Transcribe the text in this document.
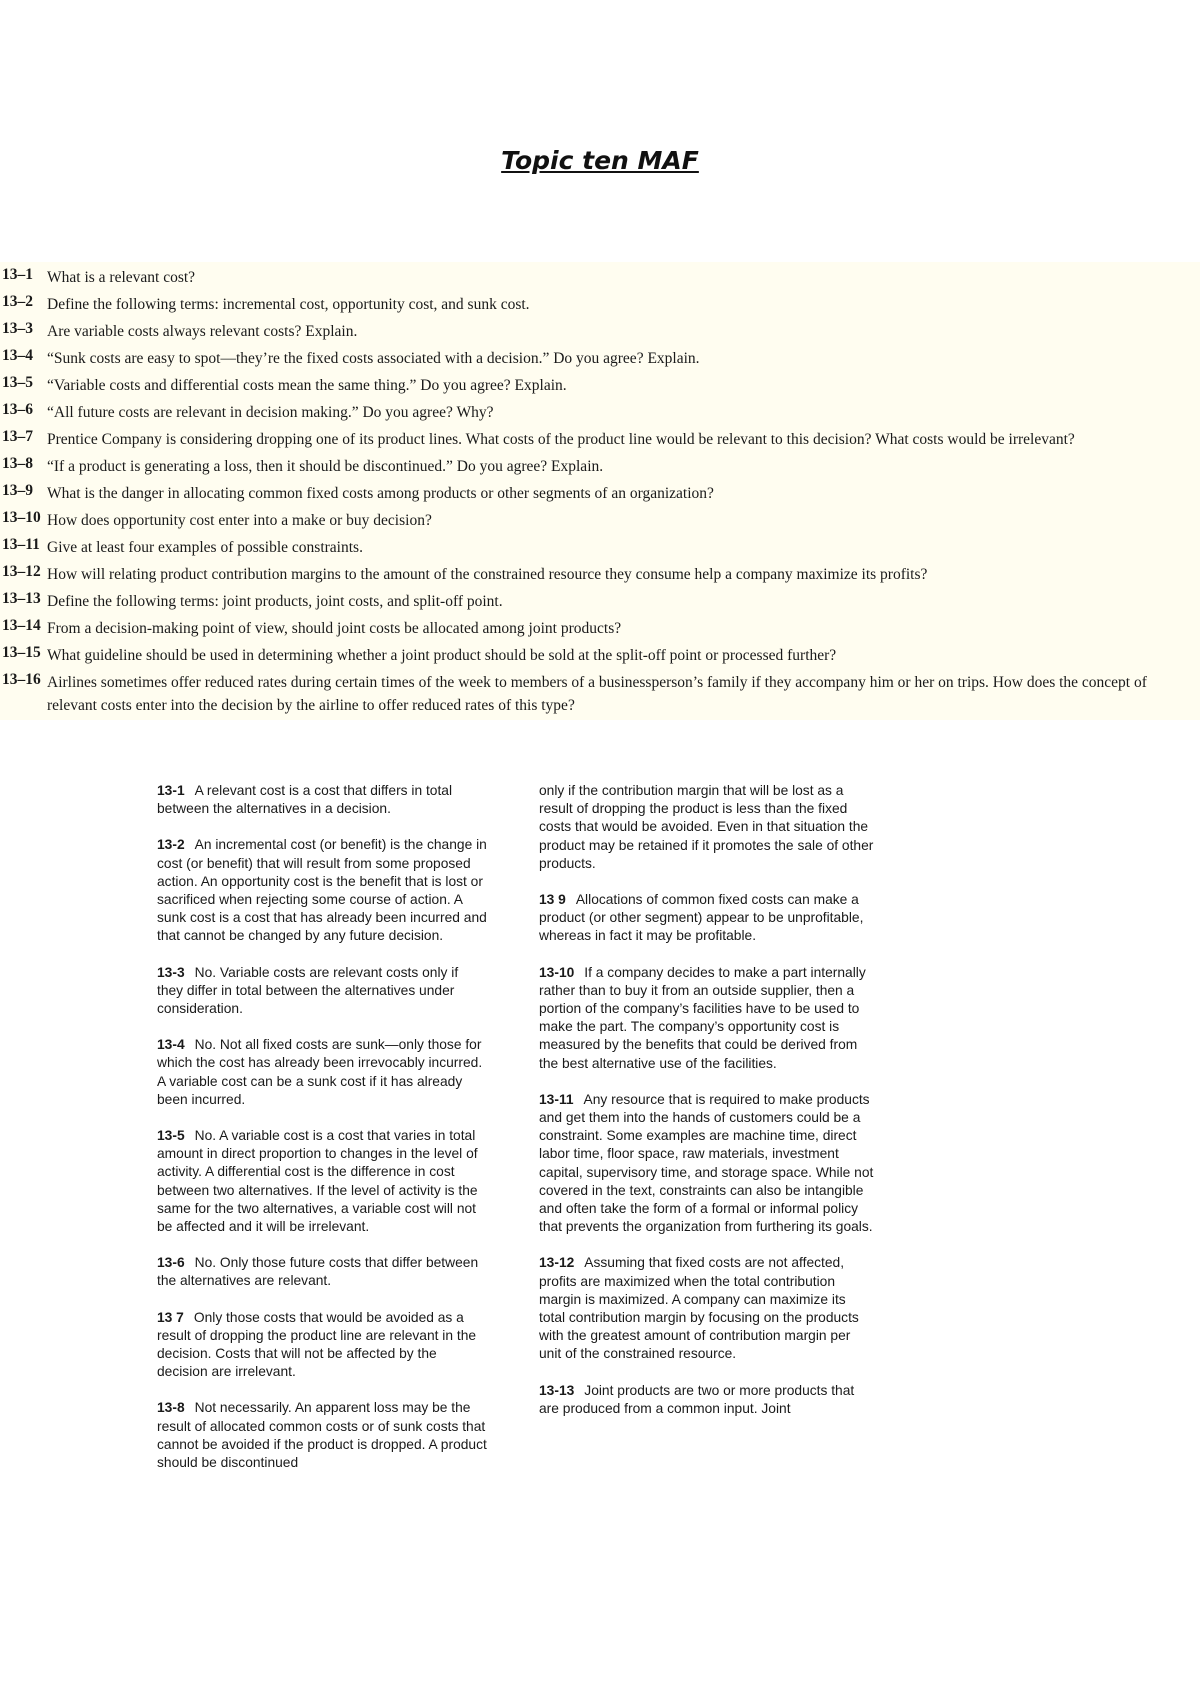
Topic ten MAF
13–1 What is a relevant cost?
13–2 Define the following terms: incremental cost, opportunity cost, and sunk cost.
13–3 Are variable costs always relevant costs? Explain.
13–4 “Sunk costs are easy to spot—they’re the fixed costs associated with a decision.” Do you agree? Explain.
13–5 “Variable costs and differential costs mean the same thing.” Do you agree? Explain.
13–6 “All future costs are relevant in decision making.” Do you agree? Why?
13–7 Prentice Company is considering dropping one of its product lines. What costs of the product line would be relevant to this decision? What costs would be irrelevant?
13–8 “If a product is generating a loss, then it should be discontinued.” Do you agree? Explain.
13–9 What is the danger in allocating common fixed costs among products or other segments of an organization?
13–10 How does opportunity cost enter into a make or buy decision?
13–11 Give at least four examples of possible constraints.
13–12 How will relating product contribution margins to the amount of the constrained resource they consume help a company maximize its profits?
13–13 Define the following terms: joint products, joint costs, and split-off point.
13–14 From a decision-making point of view, should joint costs be allocated among joint products?
13–15 What guideline should be used in determining whether a joint product should be sold at the split-off point or processed further?
13–16 Airlines sometimes offer reduced rates during certain times of the week to members of a businessperson’s family if they accompany him or her on trips. How does the concept of relevant costs enter into the decision by the airline to offer reduced rates of this type?

13-1 A relevant cost is a cost that differs in total between the alternatives in a decision.

13-2 An incremental cost (or benefit) is the change in cost (or benefit) that will result from some proposed action. An opportunity cost is the benefit that is lost or sacrificed when rejecting some course of action. A sunk cost is a cost that has already been incurred and that cannot be changed by any future decision.

13-3 No. Variable costs are relevant costs only if they differ in total between the alternatives under consideration.

13-4 No. Not all fixed costs are sunk—only those for which the cost has already been irrevocably incurred. A variable cost can be a sunk cost if it has already been incurred.

13-5 No. A variable cost is a cost that varies in total amount in direct proportion to changes in the level of activity. A differential cost is the difference in cost between two alternatives. If the level of activity is the same for the two alternatives, a variable cost will not be affected and it will be irrelevant.

13-6 No. Only those future costs that differ between the alternatives are relevant.

13 7 Only those costs that would be avoided as a result of dropping the product line are relevant in the decision. Costs that will not be affected by the decision are irrelevant.

13-8 Not necessarily. An apparent loss may be the result of allocated common costs or of sunk costs that cannot be avoided if the product is dropped. A product should be discontinued

only if the contribution margin that will be lost as a result of dropping the product is less than the fixed costs that would be avoided. Even in that situation the product may be retained if it promotes the sale of other products.

13 9 Allocations of common fixed costs can make a product (or other segment) appear to be unprofitable, whereas in fact it may be profitable.

13-10 If a company decides to make a part internally rather than to buy it from an outside supplier, then a portion of the company’s facilities have to be used to make the part. The company’s opportunity cost is measured by the benefits that could be derived from the best alternative use of the facilities.

13-11 Any resource that is required to make products and get them into the hands of customers could be a constraint. Some examples are machine time, direct labor time, floor space, raw materials, investment capital, supervisory time, and storage space. While not covered in the text, constraints can also be intangible and often take the form of a formal or informal policy that prevents the organization from furthering its goals.

13-12 Assuming that fixed costs are not affected, profits are maximized when the total contribution margin is maximized. A company can maximize its total contribution margin by focusing on the products with the greatest amount of contribution margin per unit of the constrained resource.

13-13 Joint products are two or more products that are produced from a common input. Joint
